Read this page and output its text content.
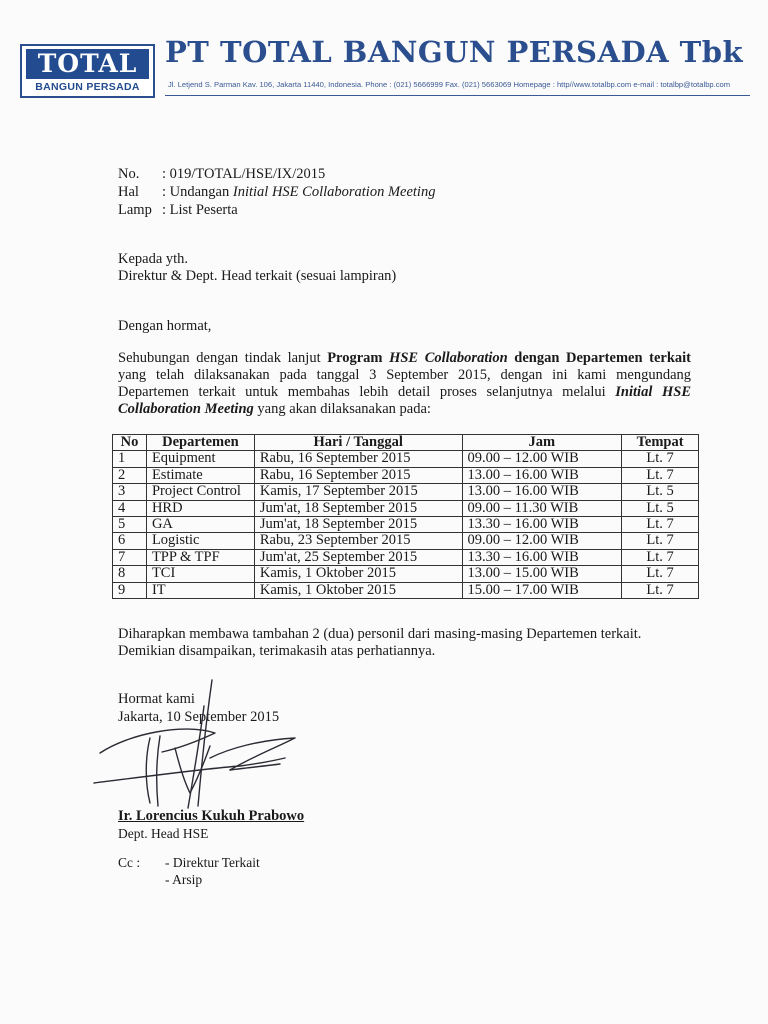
TOTAL
BANGUN PERSADA
PT TOTAL BANGUN PERSADA Tbk
Jl. Letjend S. Parman Kav. 106, Jakarta 11440, Indonesia. Phone : (021) 5666999 Fax. (021) 5663069 Homepage : http//www.totalbp.com e-mail : totalbp@totalbp.com
No. : 019/TOTAL/HSE/IX/2015
Hal : Undangan Initial HSE Collaboration Meeting
Lamp : List Peserta
Kepada yth.
Direktur & Dept. Head terkait (sesuai lampiran)
Dengan hormat,
Sehubungan dengan tindak lanjut Program HSE Collaboration dengan Departemen terkait yang telah dilaksanakan pada tanggal 3 September 2015, dengan ini kami mengundang Departemen terkait untuk membahas lebih detail proses selanjutnya melalui Initial HSE Collaboration Meeting yang akan dilaksanakan pada:
No	Departemen	Hari / Tanggal	Jam	Tempat
1	Equipment	Rabu, 16 September 2015	09.00 – 12.00 WIB	Lt. 7
2	Estimate	Rabu, 16 September 2015	13.00 – 16.00 WIB	Lt. 7
3	Project Control	Kamis, 17 September 2015	13.00 – 16.00 WIB	Lt. 5
4	HRD	Jum'at, 18 September 2015	09.00 – 11.30 WIB	Lt. 5
5	GA	Jum'at, 18 September 2015	13.30 – 16.00 WIB	Lt. 7
6	Logistic	Rabu, 23 September 2015	09.00 – 12.00 WIB	Lt. 7
7	TPP & TPF	Jum'at, 25 September 2015	13.30 – 16.00 WIB	Lt. 7
8	TCI	Kamis, 1 Oktober 2015	13.00 – 15.00 WIB	Lt. 7
9	IT	Kamis, 1 Oktober 2015	15.00 – 17.00 WIB	Lt. 7
Diharapkan membawa tambahan 2 (dua) personil dari masing-masing Departemen terkait.
Demikian disampaikan, terimakasih atas perhatiannya.
Hormat kami
Jakarta, 10 September 2015
Ir. Lorencius Kukuh Prabowo
Dept. Head HSE
Cc : - Direktur Terkait
- Arsip
